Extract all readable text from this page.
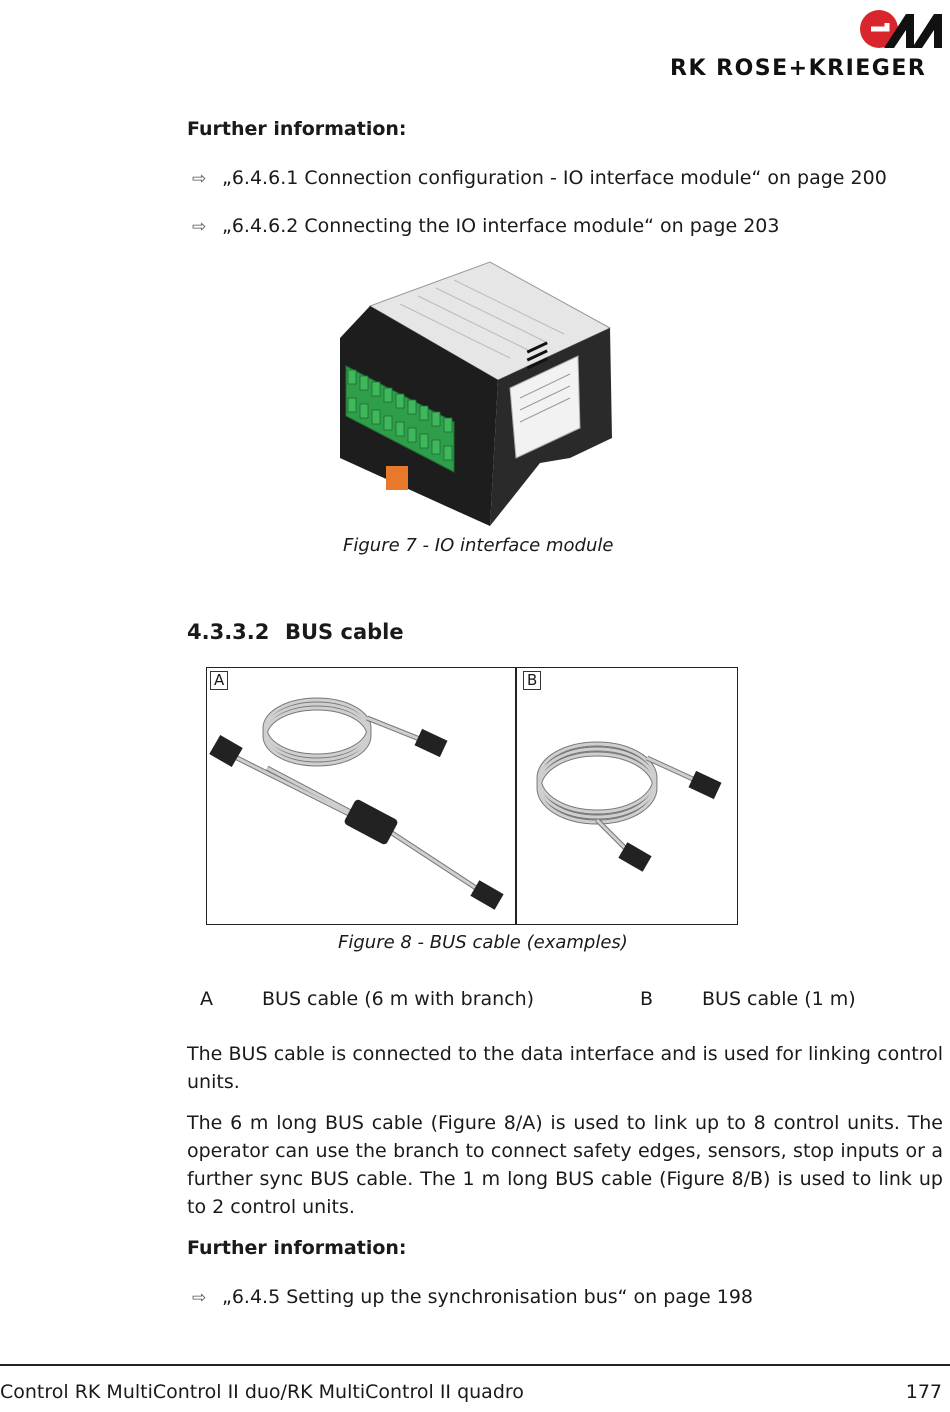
RK ROSE+KRIEGER
Further information:
⇨ „6.4.6.1 Connection configuration - IO interface module“ on page 200
⇨ „6.4.6.2 Connecting the IO interface module“ on page 203
Figure 7 - IO interface module
4.3.3.2 BUS cable
A	B
Figure 8 - BUS cable (examples)
A	BUS cable (6 m with branch)	B	BUS cable (1 m)

The BUS cable is connected to the data interface and is used for linking control units.

The 6 m long BUS cable (Figure 8/A) is used to link up to 8 control units. The operator can use the branch to connect safety edges, sensors, stop inputs or a further sync BUS cable. The 1 m long BUS cable (Figure 8/B) is used to link up to 2 control units.

Further information:
⇨ „6.4.5 Setting up the synchronisation bus“ on page 198
Control RK MultiControl II duo/RK MultiControl II quadro	177
